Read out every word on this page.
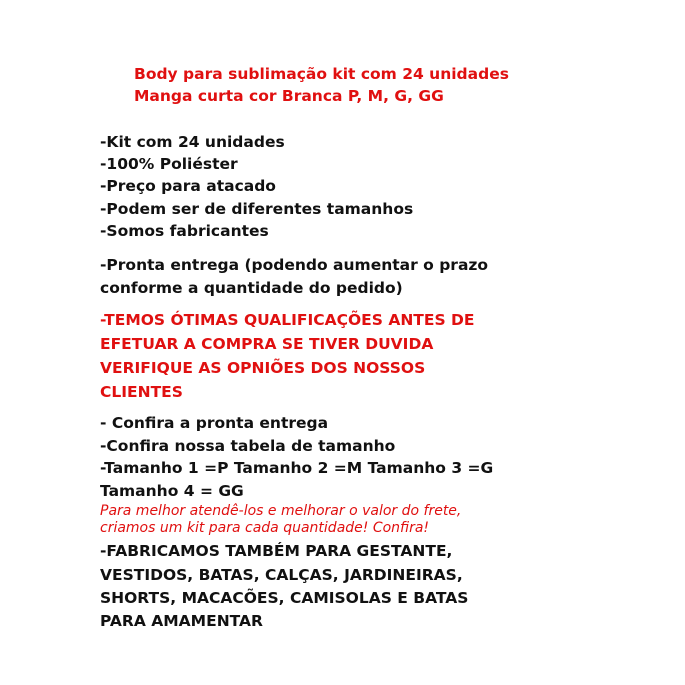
Body para sublimação kit com 24 unidades
Manga curta cor Branca P, M, G, GG
-Kit com 24 unidades
-100% Poliéster
-Preço para atacado
-Podem ser de diferentes tamanhos
-Somos fabricantes
-Pronta entrega (podendo aumentar o prazo
conforme a quantidade do pedido)
-TEMOS ÓTIMAS QUALIFICAÇÕES ANTES DE
EFETUAR A COMPRA SE TIVER DUVIDA
VERIFIQUE AS OPNIÕES DOS NOSSOS
CLIENTES
- Confira a pronta entrega
-Confira nossa tabela de tamanho
-Tamanho 1 =P Tamanho 2 =M Tamanho 3 =G
Tamanho 4 = GG
Para melhor atendê-los e melhorar o valor do frete,
criamos um kit para cada quantidade! Confira!
-FABRICAMOS TAMBÉM PARA GESTANTE,
VESTIDOS, BATAS, CALÇAS, JARDINEIRAS,
SHORTS, MACACÕES, CAMISOLAS E BATAS
PARA AMAMENTAR
